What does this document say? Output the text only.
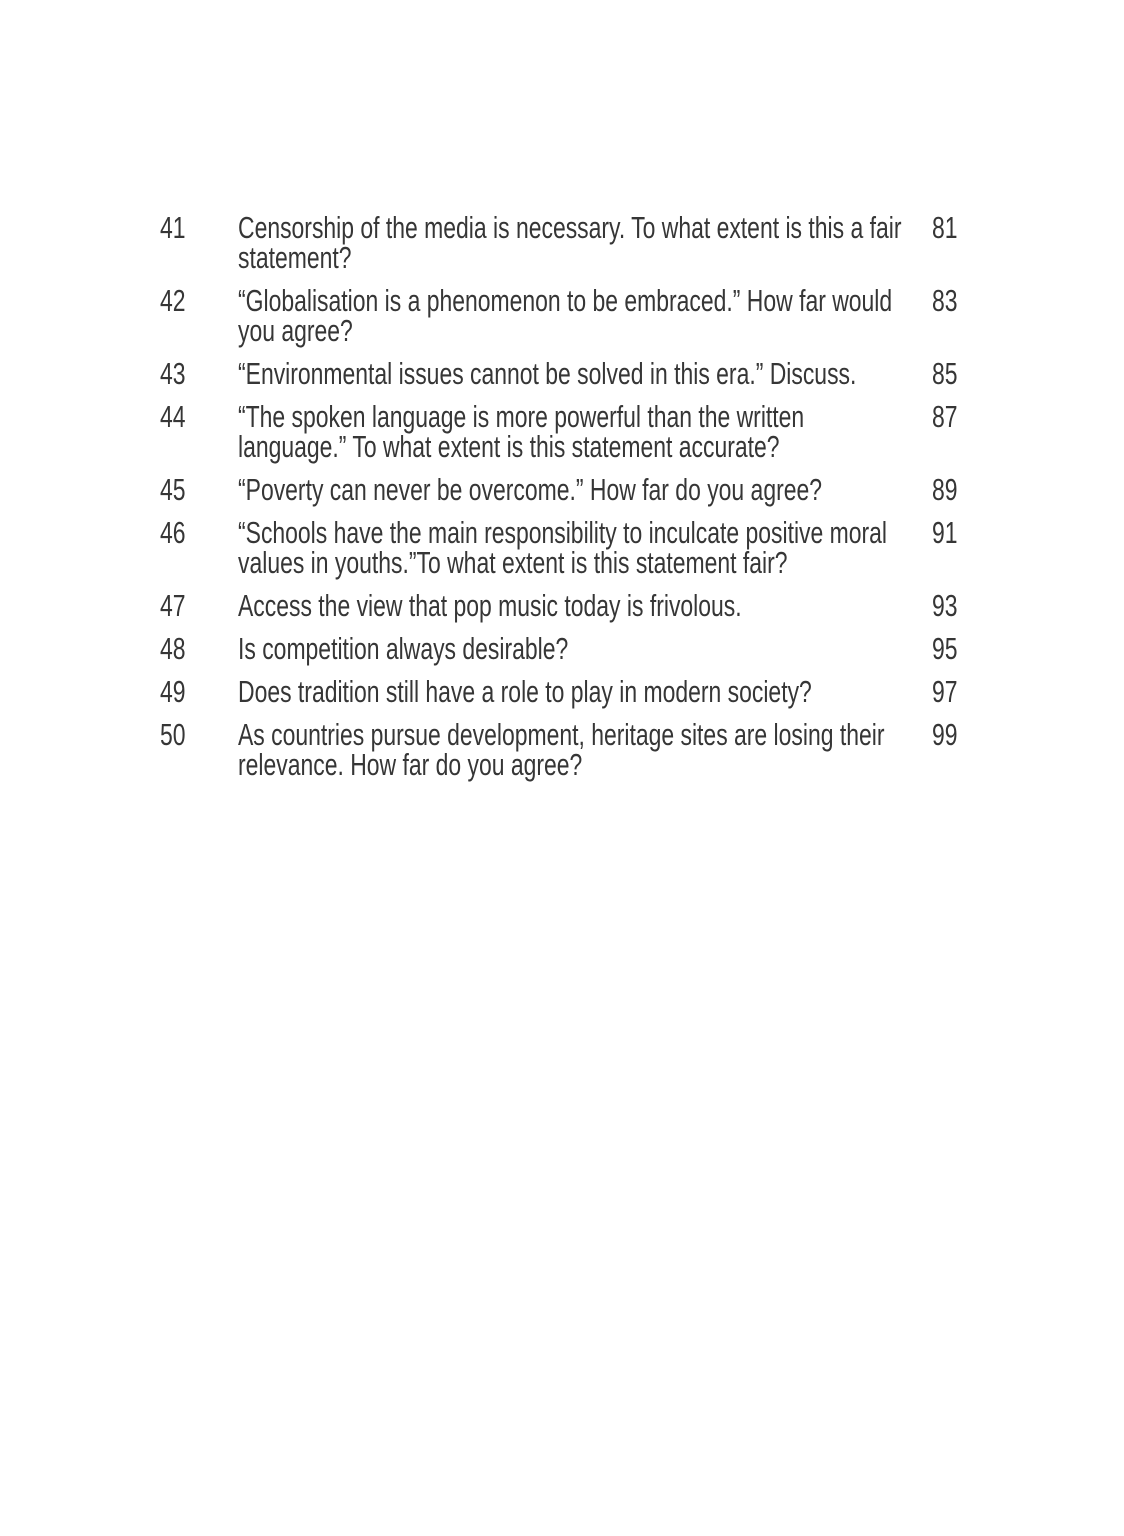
41	Censorship of the media is necessary. To what extent is this a fair
statement?
81
42	“Globalisation is a phenomenon to be embraced.” How far would
you agree?
83
43	“Environmental issues cannot be solved in this era.” Discuss. 85
44	“The spoken language is more powerful than the written
language.” To what extent is this statement accurate?
87
45	“Poverty can never be overcome.” How far do you agree?	89
46	“Schools have the main responsibility to inculcate positive moral
values in youths.”To what extent is this statement fair?
91
47	Access the view that pop music today is frivolous.	93
48	Is competition always desirable?	95
49	Does tradition still have a role to play in modern society?	97
50	As countries pursue development, heritage sites are losing their
relevance. How far do you agree?
99
